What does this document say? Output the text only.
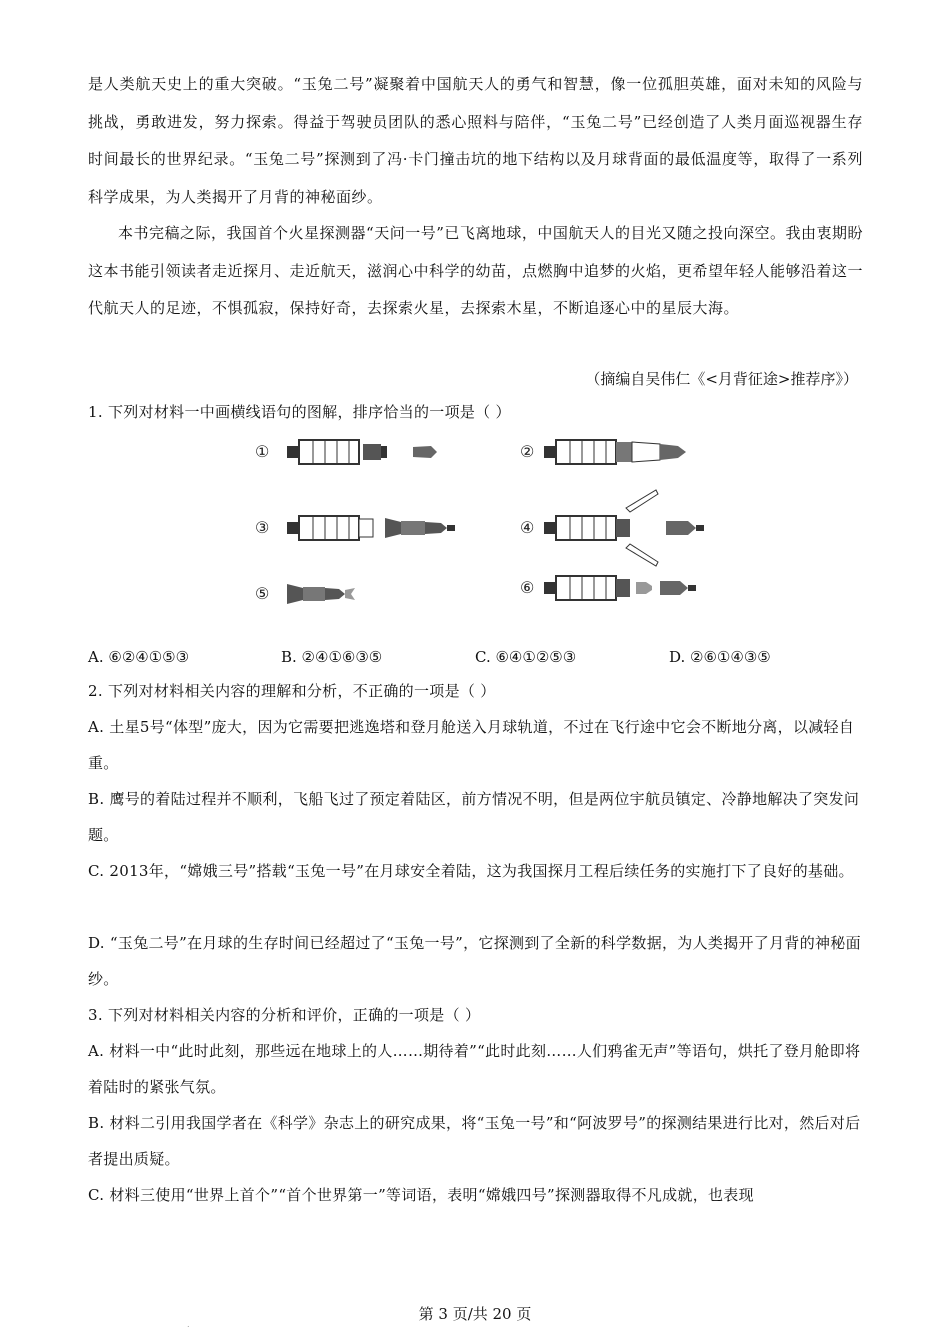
是人类航天史上的重大突破。“玉兔二号”凝聚着中国航天人的勇气和智慧，像一位孤胆英雄，面对未知的风险与挑战，勇敢进发，努力探索。得益于驾驶员团队的悉心照料与陪伴，“玉兔二号”已经创造了人类月面巡视器生存时间最长的世界纪录。“玉兔二号”探测到了冯·卡门撞击坑的地下结构以及月球背面的最低温度等，取得了一系列科学成果，为人类揭开了月背的神秘面纱。

本书完稿之际，我国首个火星探测器“天问一号”已飞离地球，中国航天人的目光又随之投向深空。我由衷期盼这本书能引领读者走近探月、走近航天，滋润心中科学的幼苗，点燃胸中追梦的火焰，更希望年轻人能够沿着这一代航天人的足迹，不惧孤寂，保持好奇，去探索火星，去探索木星，不断追逐心中的星辰大海。

（摘编自吴伟仁《<月背征途>推荐序》）

1. 下列对材料一中画横线语句的图解，排序恰当的一项是（ ）

①	②
③	④
⑤	⑥
A. ⑥②④①⑤③	B. ②④①⑥③⑤	C. ⑥④①②⑤③	D. ②⑥①④③⑤

2. 下列对材料相关内容的理解和分析，不正确的一项是（ ）

A. 土星5号“体型”庞大，因为它需要把逃逸塔和登月舱送入月球轨道，不过在飞行途中它会不断地分离，以减轻自重。

B. 鹰号的着陆过程并不顺利，飞船飞过了预定着陆区，前方情况不明，但是两位宇航员镇定、冷静地解决了突发问题。

C. 2013年，“嫦娥三号”搭载“玉兔一号”在月球安全着陆，这为我国探月工程后续任务的实施打下了良好的基础。

D. “玉兔二号”在月球的生存时间已经超过了“玉兔一号”，它探测到了全新的科学数据，为人类揭开了月背的神秘面纱。

3. 下列对材料相关内容的分析和评价，正确的一项是（ ）

A. 材料一中“此时此刻，那些远在地球上的人……期待着”“此时此刻……人们鸦雀无声”等语句，烘托了登月舱即将着陆时的紧张气氛。

B. 材料二引用我国学者在《科学》杂志上的研究成果，将“玉兔一号”和“阿波罗号”的探测结果进行比对，然后对后者提出质疑。

C. 材料三使用“世界上首个”“首个世界第一”等词语，表明“嫦娥四号”探测器取得不凡成就，也表现

第 3 页/共 20 页
.
